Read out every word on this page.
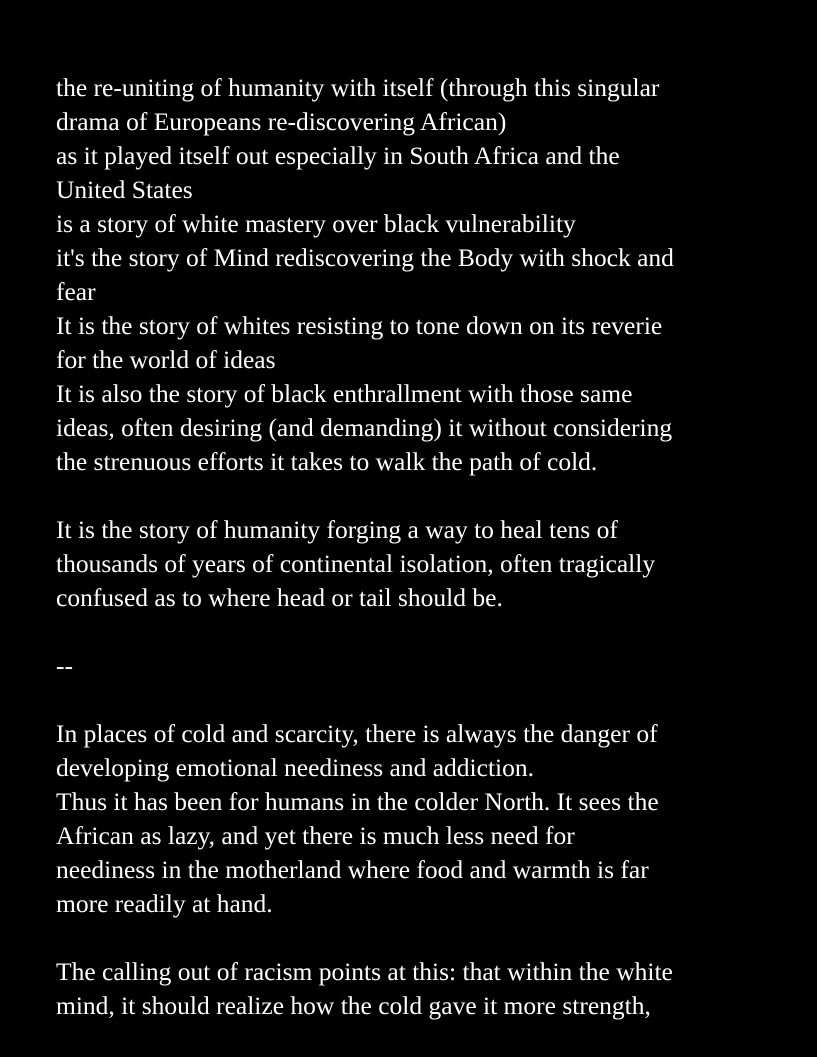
the re-uniting of humanity with itself (through this singular
drama of Europeans re-discovering African)
as it played itself out especially in South Africa and the
United States
is a story of white mastery over black vulnerability
it's the story of Mind rediscovering the Body with shock and
fear
It is the story of whites resisting to tone down on its reverie
for the world of ideas
It is also the story of black enthrallment with those same
ideas, often desiring (and demanding) it without considering
the strenuous efforts it takes to walk the path of cold.
It is the story of humanity forging a way to heal tens of
thousands of years of continental isolation, often tragically
confused as to where head or tail should be.
--
In places of cold and scarcity, there is always the danger of
developing emotional neediness and addiction.
Thus it has been for humans in the colder North. It sees the
African as lazy, and yet there is much less need for
neediness in the motherland where food and warmth is far
more readily at hand.
The calling out of racism points at this: that within the white
mind, it should realize how the cold gave it more strength,
